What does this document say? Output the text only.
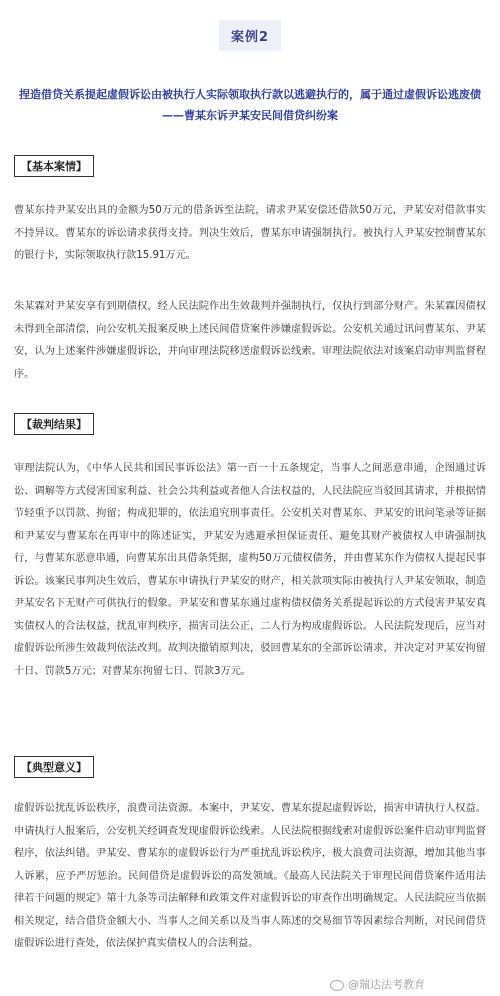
案例2
捏造借贷关系提起虚假诉讼由被执行人实际领取执行款以逃避执行的，属于通过虚假诉讼逃废债
——曹某东诉尹某安民间借贷纠纷案
【基本案情】
曹某东持尹某安出具的金额为50万元的借条诉至法院，请求尹某安偿还借款50万元，尹某安对借款事实不持异议。曹某东的诉讼请求获得支持。判决生效后，曹某东申请强制执行。被执行人尹某安控制曹某东的银行卡，实际领取执行款15.91万元。
朱某霖对尹某安享有到期债权，经人民法院作出生效裁判并强制执行，仅执行到部分财产。朱某霖因债权未得到全部清偿，向公安机关报案反映上述民间借贷案件涉嫌虚假诉讼。公安机关通过讯问曹某东、尹某安，认为上述案件涉嫌虚假诉讼，并向审理法院移送虚假诉讼线索。审理法院依法对该案启动审判监督程序。
【裁判结果】
审理法院认为，《中华人民共和国民事诉讼法》第一百一十五条规定，当事人之间恶意串通，企图通过诉讼、调解等方式侵害国家利益、社会公共利益或者他人合法权益的，人民法院应当驳回其请求，并根据情节轻重予以罚款、拘留；构成犯罪的，依法追究刑事责任。公安机关对曹某东、尹某安的讯问笔录等证据和尹某安与曹某东在再审中的陈述证实，尹某安为逃避承担保证责任、避免其财产被债权人申请强制执行，与曹某东恶意串通，向曹某东出具借条凭据，虚构50万元债权债务，并由曹某东作为债权人提起民事诉讼。该案民事判决生效后，曹某东申请执行尹某安的财产，相关款项实际由被执行人尹某安领取，制造尹某安名下无财产可供执行的假象。尹某安和曹某东通过虚构债权债务关系提起诉讼的方式侵害尹某安真实债权人的合法权益，扰乱审判秩序，损害司法公正，二人行为构成虚假诉讼。人民法院发现后，应当对虚假诉讼所涉生效裁判依法改判。故判决撤销原判决，驳回曹某东的全部诉讼请求，并决定对尹某安拘留十日、罚款5万元；对曹某东拘留七日、罚款3万元。
【典型意义】
虚假诉讼扰乱诉讼秩序，浪费司法资源。本案中，尹某安、曹某东提起虚假诉讼，损害申请执行人权益。申请执行人报案后，公安机关经调查发现虚假诉讼线索。人民法院根据线索对虚假诉讼案件启动审判监督程序，依法纠错。尹某安、曹某东的虚假诉讼行为严重扰乱诉讼秩序，极大浪费司法资源，增加其他当事人诉累，应予严厉惩治。民间借贷是虚假诉讼的高发领域。《最高人民法院关于审理民间借贷案件适用法律若干问题的规定》第十九条等司法解释和政策文件对虚假诉讼的审查作出明确规定。人民法院应当依据相关规定，结合借贷金额大小、当事人之间关系以及当事人陈述的交易细节等因素综合判断，对民间借贷虚假诉讼进行查处，依法保护真实债权人的合法利益。
@瑞达法考教育
